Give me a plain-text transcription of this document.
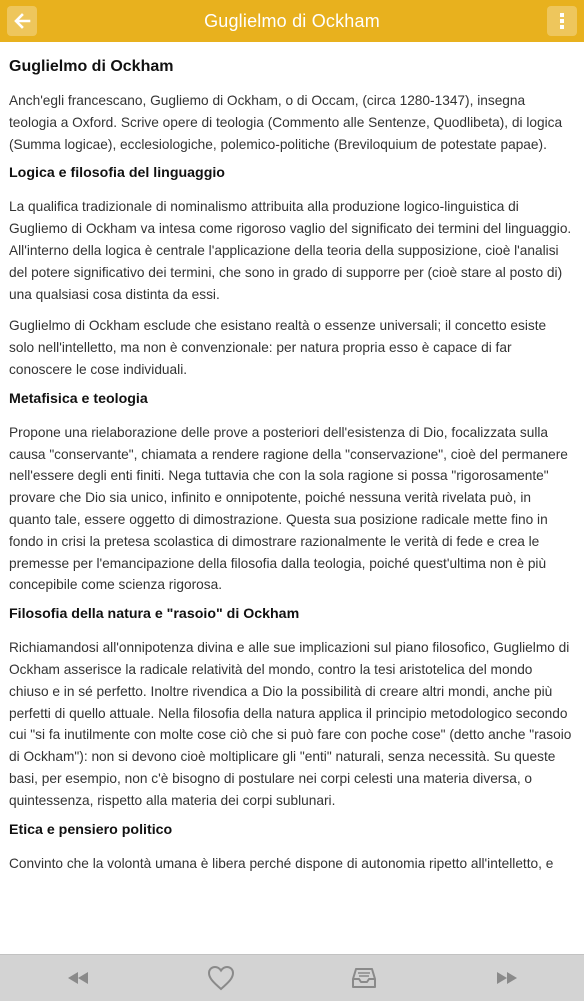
Guglielmo di Ockham
Guglielmo di Ockham

Anch'egli francescano, Gugliemo di Ockham, o di Occam, (circa 1280-1347), insegna teologia a Oxford. Scrive opere di teologia (Commento alle Sentenze, Quodlibeta), di logica (Summa logicae), ecclesiologiche, polemico-politiche (Breviloquium de potestate papae).

Logica e filosofia del linguaggio

La qualifica tradizionale di nominalismo attribuita alla produzione logico-linguistica di Gugliemo di Ockham va intesa come rigoroso vaglio del significato dei termini del linguaggio. All'interno della logica è centrale l'applicazione della teoria della supposizione, cioè l'analisi del potere significativo dei termini, che sono in grado di supporre per (cioè stare al posto di) una qualsiasi cosa distinta da essi.

Guglielmo di Ockham esclude che esistano realtà o essenze universali; il concetto esiste solo nell'intelletto, ma non è convenzionale: per natura propria esso è capace di far conoscere le cose individuali.

Metafisica e teologia

Propone una rielaborazione delle prove a posteriori dell'esistenza di Dio, focalizzata sulla causa "conservante", chiamata a rendere ragione della "conservazione", cioè del permanere nell'essere degli enti finiti. Nega tuttavia che con la sola ragione si possa "rigorosamente" provare che Dio sia unico, infinito e onnipotente, poiché nessuna verità rivelata può, in quanto tale, essere oggetto di dimostrazione. Questa sua posizione radicale mette fino in fondo in crisi la pretesa scolastica di dimostrare razionalmente le verità di fede e crea le premesse per l'emancipazione della filosofia dalla teologia, poiché quest'ultima non è più concepibile come scienza rigorosa.

Filosofia della natura e "rasoio" di Ockham

Richiamandosi all'onnipotenza divina e alle sue implicazioni sul piano filosofico, Guglielmo di Ockham asserisce la radicale relatività del mondo, contro la tesi aristotelica del mondo chiuso e in sé perfetto. Inoltre rivendica a Dio la possibilità di creare altri mondi, anche più perfetti di quello attuale. Nella filosofia della natura applica il principio metodologico secondo cui "si fa inutilmente con molte cose ciò che si può fare con poche cose" (detto anche "rasoio di Ockham"): non si devono cioè moltiplicare gli "enti" naturali, senza necessità. Su queste basi, per esempio, non c'è bisogno di postulare nei corpi celesti una materia diversa, o quintessenza, rispetto alla materia dei corpi sublunari.

Etica e pensiero politico

Convinto che la volontà umana è libera perché dispone di autonomia ripetto all'intelletto, e
